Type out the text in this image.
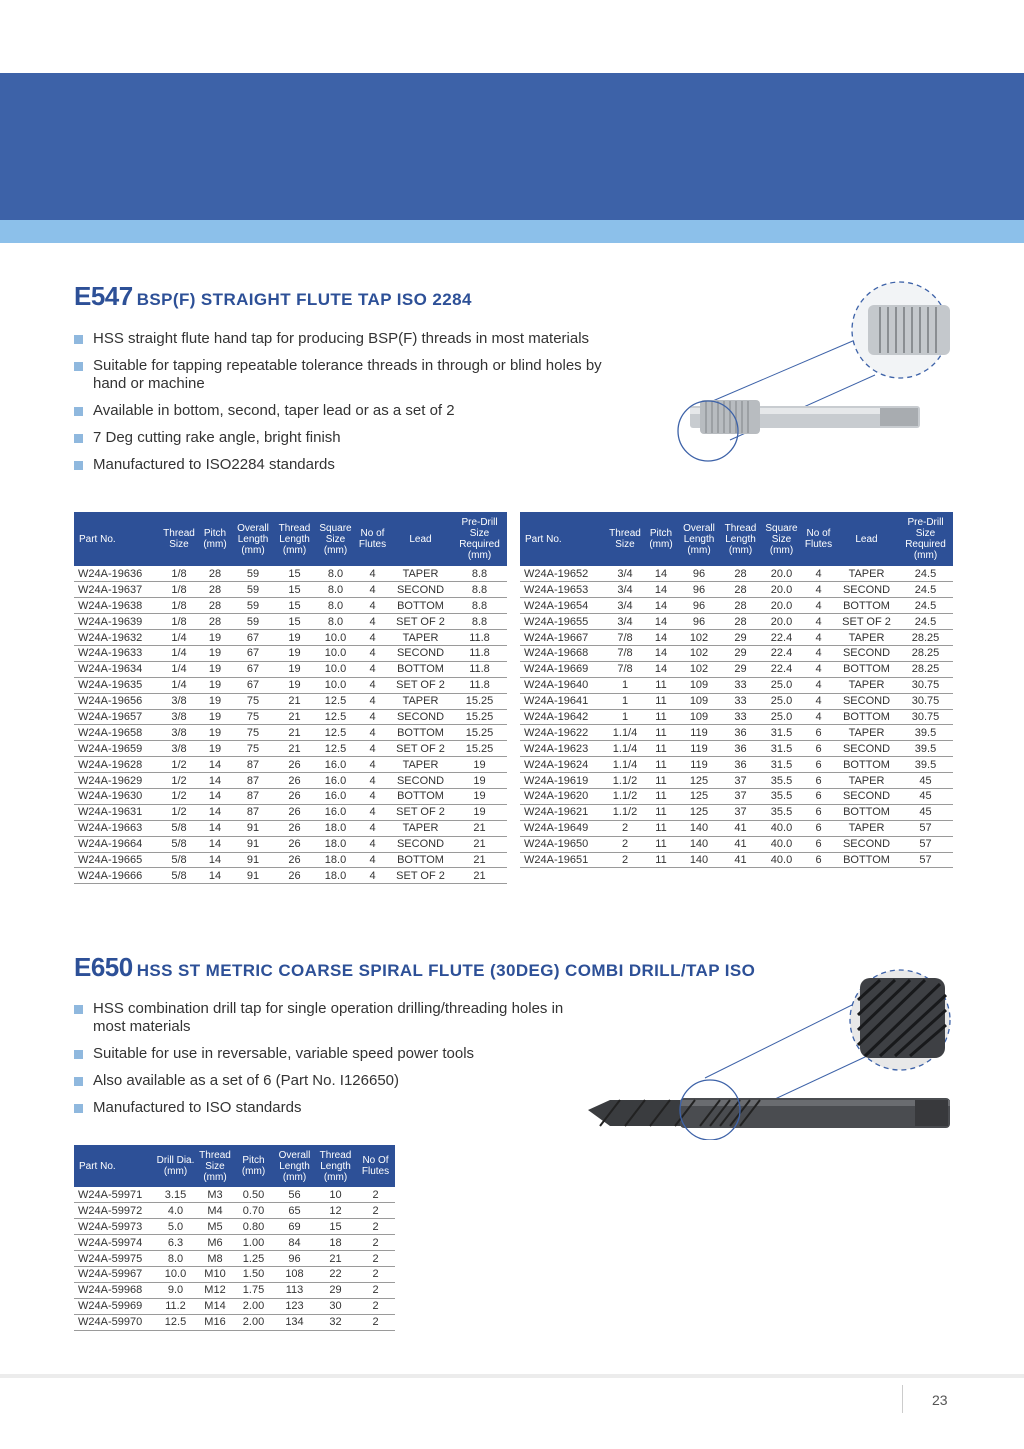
E547 BSP(F) STRAIGHT FLUTE TAP ISO 2284
HSS straight flute hand tap for producing BSP(F) threads in most materials
Suitable for tapping repeatable tolerance threads in through or blind holes by hand or machine
Available in bottom, second, taper lead or as a set of 2
7 Deg cutting rake angle, bright finish
Manufactured to ISO2284 standards
Part No.	Thread Size	Pitch (mm)	Overall Length (mm)	Thread Length (mm)	Square Size (mm)	No of Flutes	Lead	Pre-Drill Size Required (mm)
W24A-19636	1/8	28	59	15	8.0	4	TAPER	8.8
W24A-19637	1/8	28	59	15	8.0	4	SECOND	8.8
W24A-19638	1/8	28	59	15	8.0	4	BOTTOM	8.8
W24A-19639	1/8	28	59	15	8.0	4	SET OF 2	8.8
W24A-19632	1/4	19	67	19	10.0	4	TAPER	11.8
W24A-19633	1/4	19	67	19	10.0	4	SECOND	11.8
W24A-19634	1/4	19	67	19	10.0	4	BOTTOM	11.8
W24A-19635	1/4	19	67	19	10.0	4	SET OF 2	11.8
W24A-19656	3/8	19	75	21	12.5	4	TAPER	15.25
W24A-19657	3/8	19	75	21	12.5	4	SECOND	15.25
W24A-19658	3/8	19	75	21	12.5	4	BOTTOM	15.25
W24A-19659	3/8	19	75	21	12.5	4	SET OF 2	15.25
W24A-19628	1/2	14	87	26	16.0	4	TAPER	19
W24A-19629	1/2	14	87	26	16.0	4	SECOND	19
W24A-19630	1/2	14	87	26	16.0	4	BOTTOM	19
W24A-19631	1/2	14	87	26	16.0	4	SET OF 2	19
W24A-19663	5/8	14	91	26	18.0	4	TAPER	21
W24A-19664	5/8	14	91	26	18.0	4	SECOND	21
W24A-19665	5/8	14	91	26	18.0	4	BOTTOM	21
W24A-19666	5/8	14	91	26	18.0	4	SET OF 2	21
Part No.	Thread Size	Pitch (mm)	Overall Length (mm)	Thread Length (mm)	Square Size (mm)	No of Flutes	Lead	Pre-Drill Size Required (mm)
W24A-19652	3/4	14	96	28	20.0	4	TAPER	24.5
W24A-19653	3/4	14	96	28	20.0	4	SECOND	24.5
W24A-19654	3/4	14	96	28	20.0	4	BOTTOM	24.5
W24A-19655	3/4	14	96	28	20.0	4	SET OF 2	24.5
W24A-19667	7/8	14	102	29	22.4	4	TAPER	28.25
W24A-19668	7/8	14	102	29	22.4	4	SECOND	28.25
W24A-19669	7/8	14	102	29	22.4	4	BOTTOM	28.25
W24A-19640	1	11	109	33	25.0	4	TAPER	30.75
W24A-19641	1	11	109	33	25.0	4	SECOND	30.75
W24A-19642	1	11	109	33	25.0	4	BOTTOM	30.75
W24A-19622	1.1/4	11	119	36	31.5	6	TAPER	39.5
W24A-19623	1.1/4	11	119	36	31.5	6	SECOND	39.5
W24A-19624	1.1/4	11	119	36	31.5	6	BOTTOM	39.5
W24A-19619	1.1/2	11	125	37	35.5	6	TAPER	45
W24A-19620	1.1/2	11	125	37	35.5	6	SECOND	45
W24A-19621	1.1/2	11	125	37	35.5	6	BOTTOM	45
W24A-19649	2	11	140	41	40.0	6	TAPER	57
W24A-19650	2	11	140	41	40.0	6	SECOND	57
W24A-19651	2	11	140	41	40.0	6	BOTTOM	57
E650 HSS ST METRIC COARSE SPIRAL FLUTE (30DEG) COMBI DRILL/TAP ISO
HSS combination drill tap for single operation drilling/threading holes in most materials
Suitable for use in reversable, variable speed power tools
Also available as a set of 6 (Part No. I126650)
Manufactured to ISO standards
Part No.	Drill Dia. (mm)	Thread Size (mm)	Pitch (mm)	Overall Length (mm)	Thread Length (mm)	No Of Flutes
W24A-59971	3.15	M3	0.50	56	10	2
W24A-59972	4.0	M4	0.70	65	12	2
W24A-59973	5.0	M5	0.80	69	15	2
W24A-59974	6.3	M6	1.00	84	18	2
W24A-59975	8.0	M8	1.25	96	21	2
W24A-59967	10.0	M10	1.50	108	22	2
W24A-59968	9.0	M12	1.75	113	29	2
W24A-59969	11.2	M14	2.00	123	30	2
W24A-59970	12.5	M16	2.00	134	32	2
23
